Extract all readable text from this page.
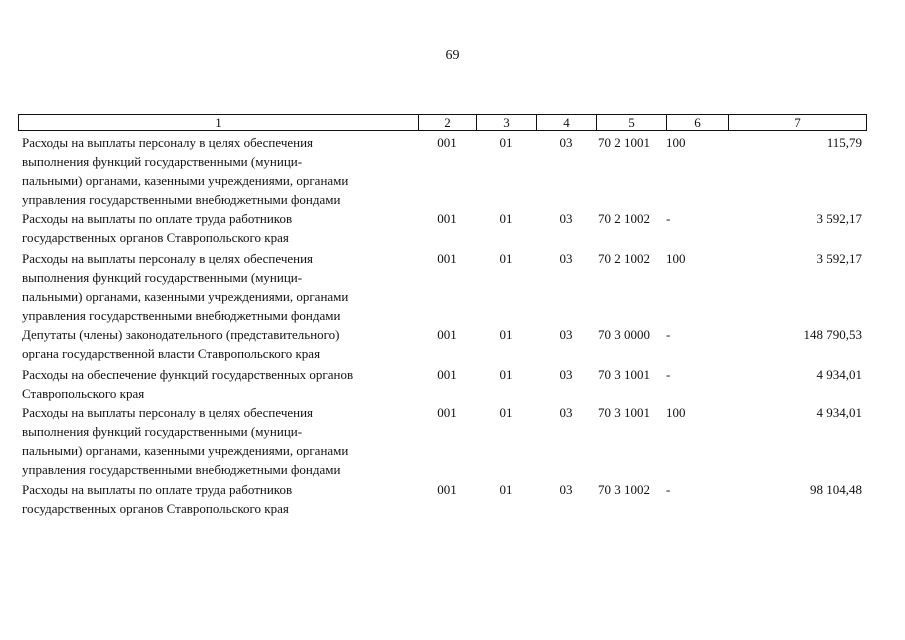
69
1	2	3	4	5	6	7
Расходы на выплаты персоналу в целях обеспечения
выполнения функций государственными (муници-
пальными) органами, казенными учреждениями, органами
управления государственными внебюджетными фондами
001	01	03	70 2 1001	100	115,79
Расходы на выплаты по оплате труда работников
государственных органов Ставропольского края
001	01	03	70 2 1002	-	3 592,17
Расходы на выплаты персоналу в целях обеспечения
выполнения функций государственными (муници-
пальными) органами, казенными учреждениями, органами
управления государственными внебюджетными фондами
001	01	03	70 2 1002	100	3 592,17
Депутаты (члены) законодательного (представительного)
органа государственной власти Ставропольского края
001	01	03	70 3 0000	-	148 790,53
Расходы на обеспечение функций государственных органов
Ставропольского края
001	01	03	70 3 1001	-	4 934,01
Расходы на выплаты персоналу в целях обеспечения
выполнения функций государственными (муници-
пальными) органами, казенными учреждениями, органами
управления государственными внебюджетными фондами
001	01	03	70 3 1001	100	4 934,01
Расходы на выплаты по оплате труда работников
государственных органов Ставропольского края
001	01	03	70 3 1002	-	98 104,48
